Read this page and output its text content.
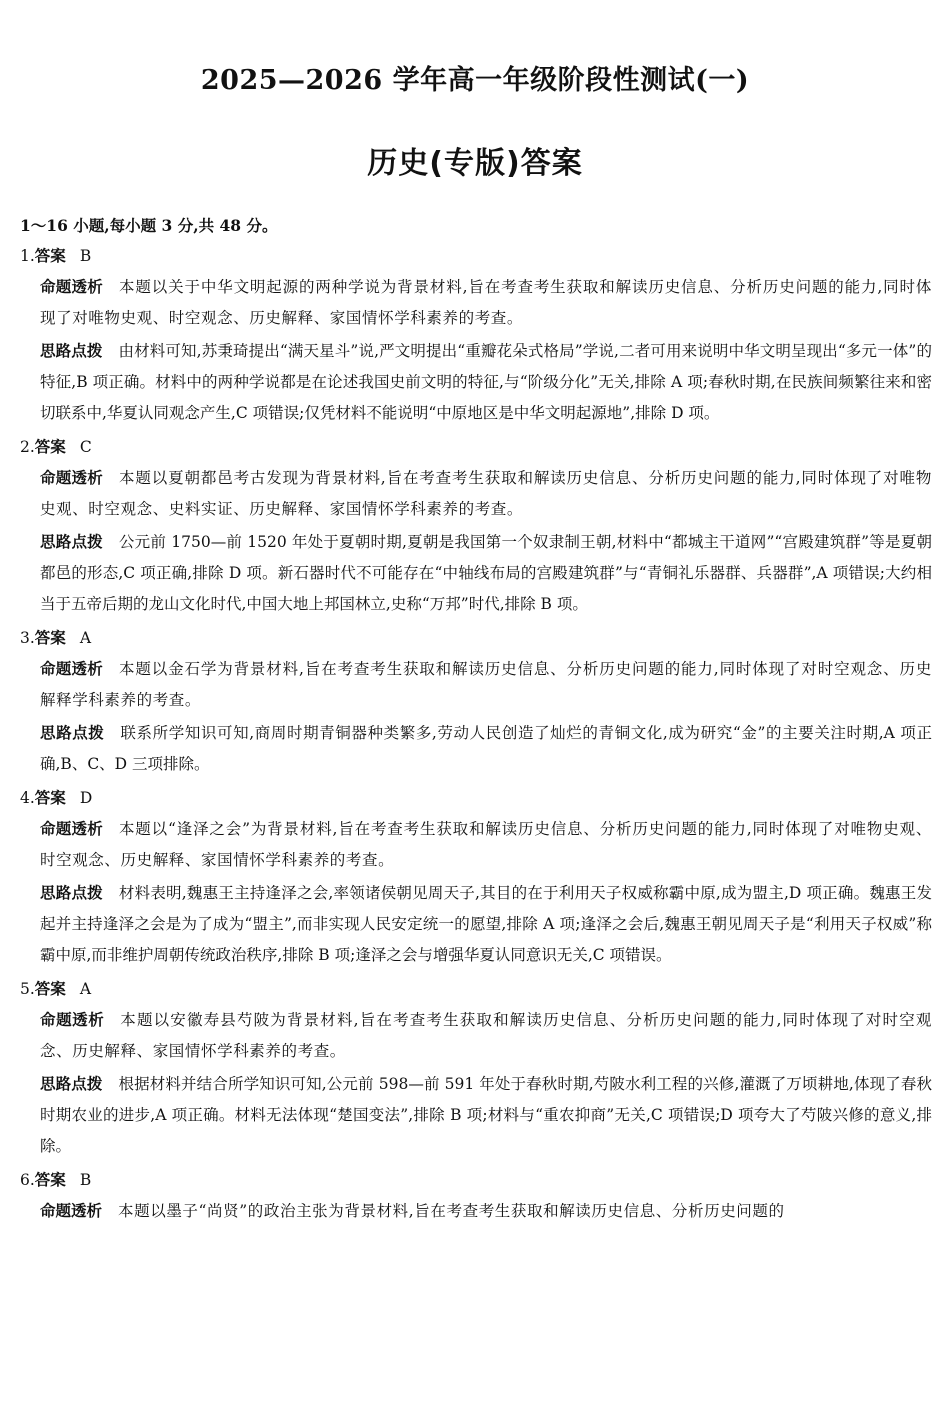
2025—2026 学年高一年级阶段性测试(一)
历史(专版)答案
1～16 小题,每小题 3 分,共 48 分。
1.答案 B
命题透析 本题以关于中华文明起源的两种学说为背景材料,旨在考查考生获取和解读历史信息、分析历史问题的能力,同时体现了对唯物史观、时空观念、历史解释、家国情怀学科素养的考查。
思路点拨 由材料可知,苏秉琦提出“满天星斗”说,严文明提出“重瓣花朵式格局”学说,二者可用来说明中华文明呈现出“多元一体”的特征,B 项正确。材料中的两种学说都是在论述我国史前文明的特征,与“阶级分化”无关,排除 A 项;春秋时期,在民族间频繁往来和密切联系中,华夏认同观念产生,C 项错误;仅凭材料不能说明“中原地区是中华文明起源地”,排除 D 项。
2.答案 C
命题透析 本题以夏朝都邑考古发现为背景材料,旨在考查考生获取和解读历史信息、分析历史问题的能力,同时体现了对唯物史观、时空观念、史料实证、历史解释、家国情怀学科素养的考查。
思路点拨 公元前 1750—前 1520 年处于夏朝时期,夏朝是我国第一个奴隶制王朝,材料中“都城主干道网”“宫殿建筑群”等是夏朝都邑的形态,C 项正确,排除 D 项。新石器时代不可能存在“中轴线布局的宫殿建筑群”与“青铜礼乐器群、兵器群”,A 项错误;大约相当于五帝后期的龙山文化时代,中国大地上邦国林立,史称“万邦”时代,排除 B 项。
3.答案 A
命题透析 本题以金石学为背景材料,旨在考查考生获取和解读历史信息、分析历史问题的能力,同时体现了对时空观念、历史解释学科素养的考查。
思路点拨 联系所学知识可知,商周时期青铜器种类繁多,劳动人民创造了灿烂的青铜文化,成为研究“金”的主要关注时期,A 项正确,B、C、D 三项排除。
4.答案 D
命题透析 本题以“逢泽之会”为背景材料,旨在考查考生获取和解读历史信息、分析历史问题的能力,同时体现了对唯物史观、时空观念、历史解释、家国情怀学科素养的考查。
思路点拨 材料表明,魏惠王主持逢泽之会,率领诸侯朝见周天子,其目的在于利用天子权威称霸中原,成为盟主,D 项正确。魏惠王发起并主持逢泽之会是为了成为“盟主”,而非实现人民安定统一的愿望,排除 A 项;逢泽之会后,魏惠王朝见周天子是“利用天子权威”称霸中原,而非维护周朝传统政治秩序,排除 B 项;逢泽之会与增强华夏认同意识无关,C 项错误。
5.答案 A
命题透析 本题以安徽寿县芍陂为背景材料,旨在考查考生获取和解读历史信息、分析历史问题的能力,同时体现了对时空观念、历史解释、家国情怀学科素养的考查。
思路点拨 根据材料并结合所学知识可知,公元前 598—前 591 年处于春秋时期,芍陂水利工程的兴修,灌溉了万顷耕地,体现了春秋时期农业的进步,A 项正确。材料无法体现“楚国变法”,排除 B 项;材料与“重农抑商”无关,C 项错误;D 项夸大了芍陂兴修的意义,排除。
6.答案 B
命题透析 本题以墨子“尚贤”的政治主张为背景材料,旨在考查考生获取和解读历史信息、分析历史问题的
